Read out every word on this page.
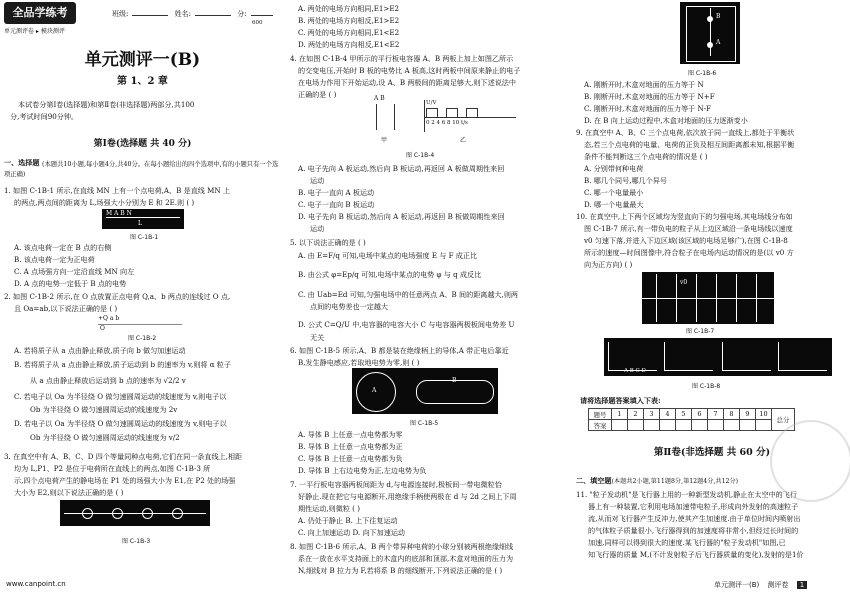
全品学练考
单元测评卷 ▸ 模块测评
班级:	姓名:	分:
600
单元测评一(B)
第 1、2 章
本试卷分第Ⅰ卷(选择题)和第Ⅱ卷(非选择题)两部分,共100
分,考试时间90分钟。
第Ⅰ卷(选择题 共 40 分)
一、选择题 (本题共10小题,每小题4分,共40分。在每小题给出的四个选项中,有的小题只有一个选项正确)
1. 如图 C-1B-1 所示,在直线 MN 上有一个点电荷,A、B 是直线 MN 上
的两点,两点间的距离为 L,场强大小分别为 E 和 2E.则 ( )
M A B N
L
图 C-1B-1
A. 该点电荷一定在 B 点的右侧
B. 该点电荷一定为正电荷
C. A 点场强方向一定沿直线 MN 向左
D. A 点的电势一定低于 B 点的电势
2. 如图 C-1B-2 所示,在 O 点放置正点电荷 Q,a、b 两点的连线过 O 点,
且 Oa=ab,以下说法正确的是 ( )
+Q a b
O
图 C-1B-2
A. 若将质子从 a 点由静止释放,质子向 b 做匀加速运动
B. 若将质子从 a 点由静止释放,质子运动到 b 的速率为 v,则将 α 粒子
从 a 点由静止释放后运动到 b 点的速率为 √2/2 v
C. 若电子以 Oa 为半径绕 O 做匀速圆周运动的线速度为 v,则电子以
Ob 为半径绕 O 做匀速圆周运动的线速度为 2v
D. 若电子以 Oa 为半径绕 O 做匀速圆周运动的线速度为 v,则电子以
Ob 为半径绕 O 做匀速圆周运动的线速度为 v/2
3. 在真空中有 A、B、C、D 四个等量同种点电荷,它们在同一条直线上,相距
均为 L,P1、P2 是位于电荷所在直线上的两点,如图 C-1B-3 所
示,四个点电荷产生的静电场在 P1 处的场强大小为 E1,在 P2 处的场强
大小为 E2,则以下说法正确的是 ( )
图 C-1B-3
www.canpoint.cn
A. 两处的电场方向相同,E1>E2
B. 两处的电场方向相反,E1>E2
C. 两处的电场方向相同,E1<E2
D. 两处的电场方向相反,E1<E2
4. 在如图 C-1B-4 甲所示的平行板电容器 A、B 两板上加上如图乙所示
的交变电压,开始时 B 板的电势比 A 板高,这时两板中间原来静止的电子
在电场力作用下开始运动,设 A、B 两极间的距离足够大,则下述说法中
正确的是 ( )	A B
U/V
0 2 4 6 8 10 t/s
甲	乙
图 C-1B-4
A. 电子先向 A 板运动,然后向 B 板运动,再返回 A 板做周期性来回
运动
B. 电子一直向 A 板运动
C. 电子一直向 B 板运动
D. 电子先向 B 板运动,然后向 A 板运动,再返回 B 板做周期性来回
运动
5. 以下说法正确的是 ( )
A. 由 E=F/q 可知,电场中某点的电场强度 E 与 F 成正比
B. 由公式 φ=Ep/q 可知,电场中某点的电势 φ 与 q 成反比
C. 由 Uab=Ed 可知,匀强电场中的任意两点 A、B 间的距离越大,则两
点间的电势差也一定越大
D. 公式 C=Q/U 中,电容器的电容大小 C 与电容器两极板间电势差 U
无关
6. 如图 C-1B-5 所示,A、B 都是装在绝缘柄上的导体,A 带正电后靠近
B,发生静电感应,若取地电势为零,则 ( )
A
B
图 C-1B-5
A. 导体 B 上任意一点电势都为零
B. 导体 B 上任意一点电势都为正
C. 导体 B 上任意一点电势都为负
D. 导体 B 上右边电势为正,左边电势为负
7. 一平行板电容器两板间距为 d,与电源连接时,极板间一带电微粒恰
好静止.现在把它与电源断开,用绝缘手柄使两极在 d 与 2d 之间上下周
期性运动,则微粒 ( )
A. 仍处于静止 B. 上下往复运动
C. 向上加速运动 D. 向下加速运动
8. 如图 C-1B-6 所示,A、B 两个带异种电荷的小球分别被两根绝缘细线
系在一放在水平支持面上的木盒内的底部和顶部,木盒对地面的压力为
N,细线对 B 拉力为 F,若将系 B 的细线断开,下列说法正确的是 ( )
B
A
图 C-1B-6
A. 刚断开时,木盒对地面的压力等于 N
B. 刚断开时,木盒对地面的压力等于 N+F
C. 刚断开时,木盒对地面的压力等于 N-F
D. 在 B 向上运动过程中,木盒对地面的压力逐渐变小
9. 在真空中 A、B、C 三个点电荷,依次放于同一直线上,都处于平衡状
态,若三个点电荷的电量、电荷的正负及相互间距离都未知,根据平衡
条件不能判断这三个点电荷的情况是 ( )
A. 分别带何种电荷
B. 哪几个同号,哪几个异号
C. 哪一个电量最小
D. 哪一个电量最大
10. 在真空中,上下两个区域均为竖直向下的匀强电场,其电场线分布如
图 C-1B-7 所示,有一带负电的粒子从上边区域沿一条电场线以速度
v0 匀速下落,并进入下边区域(该区域的电场足够广),在图 C-1B-8
所示的速度—时间图像中,符合粒子在电场内运动情况的是(以 v0 方
向为正方向) ( )
v0
图 C-1B-7
A B C D
图 C-1B-8
请将选择题答案填入下表:
题号	1	2	3	4	5	6	7	8	9	10	总分
答案											
第Ⅱ卷(非选择题 共 60 分)
二、填空题(本题共2小题,第11题8分,第12题4分,共12分)
11. "粒子发动机"是飞行器上用的一种新型发动机,静止在太空中的飞行
器上有一种装置,它利用电场加速带电粒子,形成向外发射的高速粒子
流,从而对飞行器产生反冲力,使其产生加速度.由于单位时间内喷射出
的气体粒子质量很小,飞行器得到的加速度将非常小,但经过长时间的
加速,同样可以得到很大的速度.某飞行器的"粒子发动机"如图,已
知飞行器的质量 M,(不计发射粒子后飞行器质量的变化),发射的是1价
单元测评一(B) 测评卷 1
